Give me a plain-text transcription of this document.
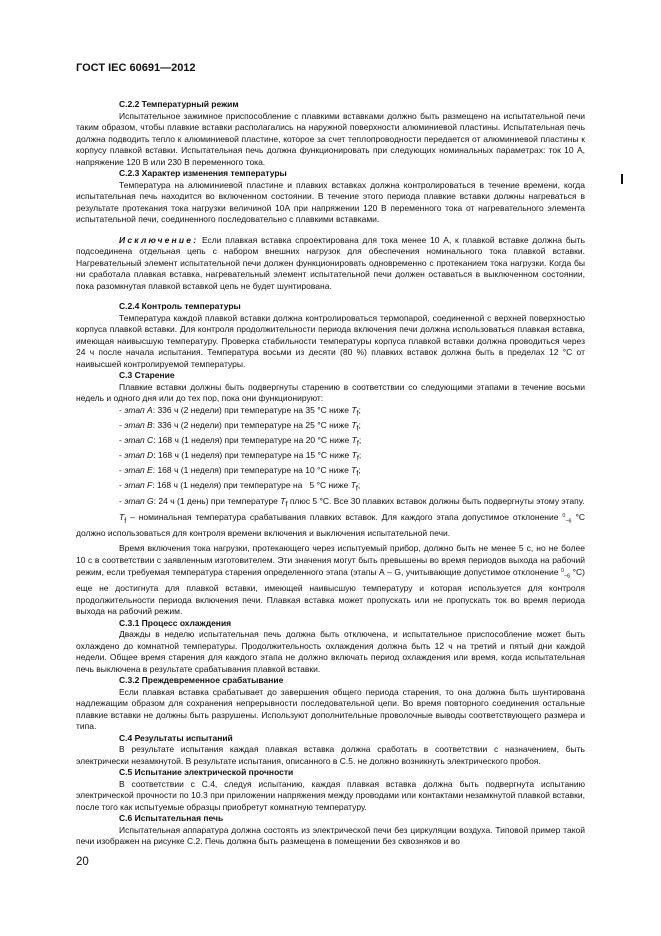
ГОСТ IEC 60691—2012
С.2.2 Температурный режим

Испытательное зажимное приспособление с плавкими вставками должно быть размещено на испытательной печи таким образом, чтобы плавкие вставки располагались на наружной поверхности алюминиевой пластины. Испытательная печь должна подводить тепло к алюминиевой пластине, которое за счет теплопроводности передается от алюминиевой пластины к корпусу плавкой вставки. Испытательная печь должна функционировать при следующих номинальных параметрах: ток 10 А, напряжение 120 В или 230 В переменного тока.

С.2.3 Характер изменения температуры

Температура на алюминиевой пластине и плавких вставках должна контролироваться в течение времени, когда испытательная печь находится во включенном состоянии. В течение этого периода плавкие вставки должны нагреваться в результате протекания тока нагрузки величиной 10А при напряжении 120 В переменного тока от нагревательного элемента испытательной печи, соединенного последовательно с плавкими вставками.

Исключение: Если плавкая вставка спроектирована для тока менее 10 А, к плавкой вставке должна быть подсоединена отдельная цепь с набором внешних нагрузок для обеспечения номинального тока плавкой вставки. Нагревательный элемент испытательной печи должен функционировать одновременно с протеканием тока нагрузки. Когда бы ни сработала плавкая вставка, нагревательный элемент испытательной печи должен оставаться в выключенном состоянии, пока разомкнутая плавкой вставкой цепь не будет шунтирована.

С.2.4 Контроль температуры

Температура каждой плавкой вставки должна контролироваться термопарой, соединенной с верхней поверхностью корпуса плавкой вставки. Для контроля продолжительности периода включения печи должна использоваться плавкая вставка, имеющая наивысшую температуру. Проверка стабильности температуры корпуса плавкой вставки должна проводиться через 24 ч после начала испытания. Температура восьми из десяти (80 %) плавких вставок должна быть в пределах 12 °С от наивысшей контролируемой температуры.

С.3 Старение

Плавкие вставки должны быть подвергнуты старению в соответствии со следующими этапами в течение восьми недель и одного дня или до тех пор, пока они функционируют:

- этап А: 336 ч (2 недели) при температуре на 35 °С ниже $T_f$;
- этап В: 336 ч (2 недели) при температуре на 25 °С ниже $T_f$;
- этап С: 168 ч (1 неделя) при температуре на 20 °С ниже $T_f$;
- этап D: 168 ч (1 неделя) при температуре на 15 °С ниже $T_f$;
- этап Е: 168 ч (1 неделя) при температуре на 10 °С ниже $T_f$;
- этап F: 168 ч (1 неделя) при температуре на   5 °С ниже $T_f$;

- этап G: 24 ч (1 день) при температуре $T_f$ плюс 5 °С. Все 30 плавких вставок должны быть подвергнуты этому этапу.

$T_f$ – номинальная температура срабатывания плавких вставок. Для каждого этапа допустимое отклонение $^0_{-6}$ °С должно использоваться для контроля времени включения и выключения испытательной печи.

Время включения тока нагрузки, протекающего через испытуемый прибор, должно быть не менее 5 с, но не более 10 с в соответствии с заявленным изготовителем. Эти значения могут быть превышены во время периодов выхода на рабочий режим, если требуемая температура старения определенного этапа (этапы А – G, учитывающие допустимое отклонение $^0_{-6}$ °С) еще не достигнута для плавкой вставки, имеющей наивысшую температуру и которая используется для контроля продолжительности периода включения печи. Плавкая вставка может пропускать или не пропускать ток во время периода выхода на рабочий режим.

С.3.1 Процесс охлаждения

Дважды в неделю испытательная печь должна быть отключена, и испытательное приспособление может быть охлаждено до комнатной температуры. Продолжительность охлаждения должна быть 12 ч на третий и пятый дни каждой недели. Общее время старения для каждого этапа не должно включать период охлаждения или время, когда испытательная печь выключена в результате срабатывания плавкой вставки.

С.3.2 Преждевременное срабатывание

Если плавкая вставка срабатывает до завершения общего периода старения, то она должна быть шунтирована надлежащим образом для сохранения непрерывности последовательной цепи. Во время повторного соединения остальные плавкие вставки не должны быть разрушены. Используют дополнительные проволочные выводы соответствующего размера и типа.

С.4 Результаты испытаний

В результате испытания каждая плавкая вставка должна сработать в соответствии с назначением, быть электрически незамкнутой. В результате испытания, описанного в С.5. не должно возникнуть электрического пробоя.

С.5 Испытание электрической прочности

В соответствии с С.4, следуя испытанию, каждая плавкая вставка должна быть подвергнута испытанию электрической прочности по 10.3 при приложении напряжения между проводами или контактами незамкнутой плавкой вставки, после того как испытуемые образцы приобретут комнатную температуру.

С.6 Испытательная печь

Испытательная аппаратура должна состоять из электрической печи без циркуляции воздуха. Типовой пример такой печи изображен на рисунке С.2. Печь должна быть размещена в помещении без сквозняков и во

20
